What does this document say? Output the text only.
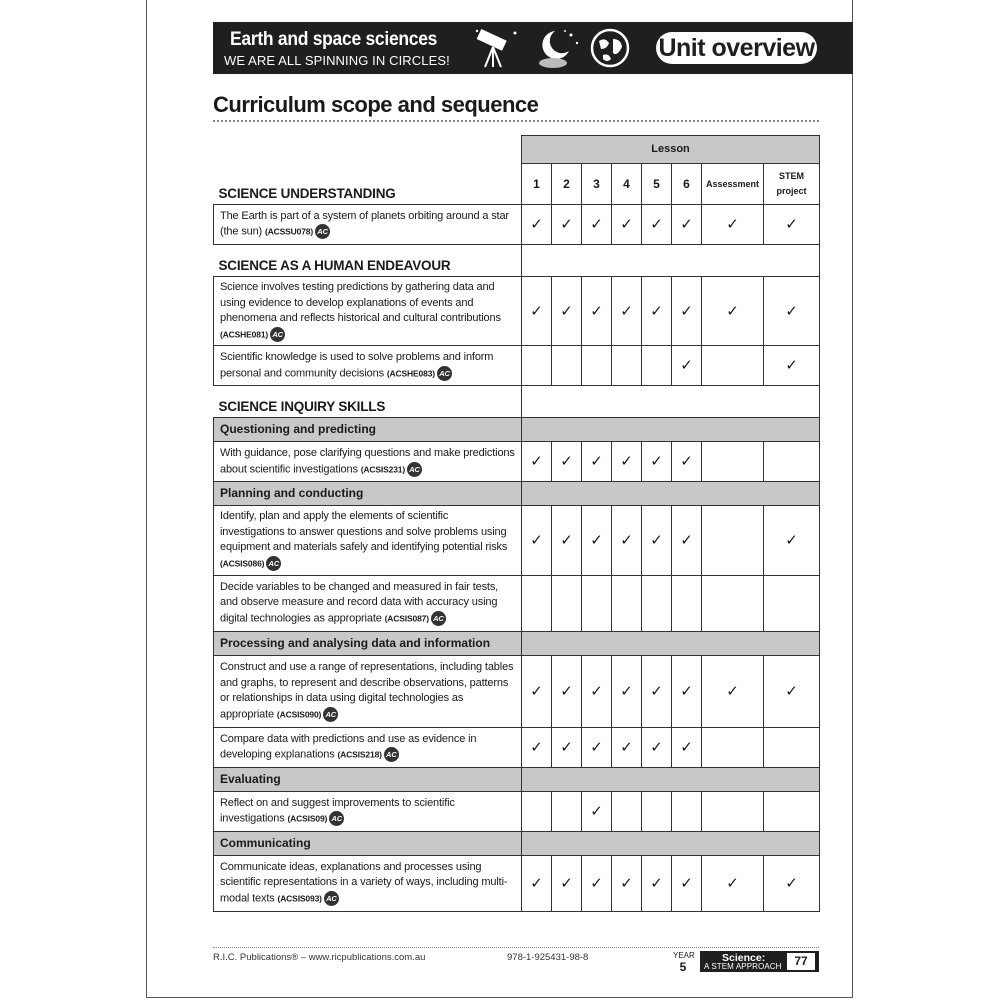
Earth and space sciences
WE ARE ALL SPINNING IN CIRCLES!	Unit overview
Curriculum scope and sequence
	Lesson							
SCIENCE UNDERSTANDING	1	2	3	4	5	6	Assessment	STEM project
The Earth is part of a system of planets orbiting around a star (the sun) (ACSSU078) AC	✓	✓	✓	✓	✓	✓	✓	✓
SCIENCE AS A HUMAN ENDEAVOUR								
Science involves testing predictions by gathering data and using evidence to develop explanations of events and phenomena and reflects historical and cultural contributions (ACSHE081) AC	✓	✓	✓	✓	✓	✓	✓	✓
Scientific knowledge is used to solve problems and inform personal and community decisions (ACSHE083) AC						✓		✓
SCIENCE INQUIRY SKILLS								
Questioning and predicting								
With guidance, pose clarifying questions and make predictions about scientific investigations (ACSIS231) AC	✓	✓	✓	✓	✓	✓		
Planning and conducting								
Identify, plan and apply the elements of scientific investigations to answer questions and solve problems using equipment and materials safely and identifying potential risks (ACSIS086) AC	✓	✓	✓	✓	✓	✓		✓
Decide variables to be changed and measured in fair tests, and observe measure and record data with accuracy using digital technologies as appropriate (ACSIS087) AC								
Processing and analysing data and information								
Construct and use a range of representations, including tables and graphs, to represent and describe observations, patterns or relationships in data using digital technologies as appropriate (ACSIS090) AC	✓	✓	✓	✓	✓	✓	✓	✓
Compare data with predictions and use as evidence in developing explanations (ACSIS218) AC	✓	✓	✓	✓	✓	✓		
Evaluating								
Reflect on and suggest improvements to scientific investigations (ACSIS09) AC			✓					
Communicating								
Communicate ideas, explanations and processes using scientific representations in a variety of ways, including multi-modal texts (ACSIS093) AC	✓	✓	✓	✓	✓	✓	✓	✓
R.I.C. Publications® – www.ricpublications.com.au	978-1-925431-98-8	YEAR
5
Science:
A STEM APPROACH	77
